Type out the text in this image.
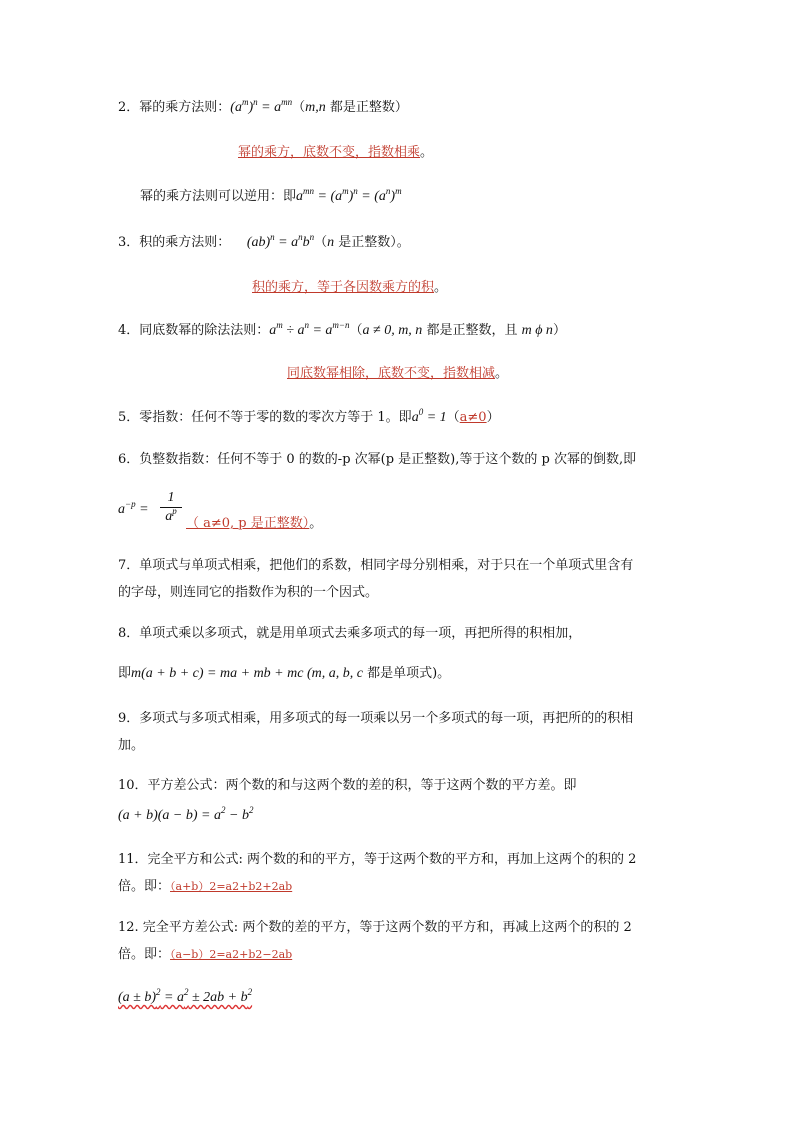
2．幂的乘方法则：$(a^m)^n = a^{mn}(m,n$ 都是正整数）
幂的乘方，底数不变，指数相乘。
幂的乘方法则可以逆用：即$a^{mn} = (a^m)^n = (a^n)^m$
3．积的乘方法则：    $(ab)^n = a^nb^n(n$ 是正整数）。
积的乘方，等于各因数乘方的积。
4．同底数幂的除法法则：$a^m \div a^n = a^{m-n}(a \ne 0$, m, n 都是正整数，且 m ϕ n）
同底数幂相除，底数不变，指数相减。
5．零指数：任何不等于零的数的零次方等于 1。即$a^0 = 1(a\ne 0)$
6．负整数指数：任何不等于 0 的数的-p 次幂(p 是正整数),等于这个数的 p 次幂的倒数,即
$a^{-p}$ =
1
$a^p$
（ a≠0, p 是正整数）。
7．单项式与单项式相乘，把他们的系数，相同字母分别相乘，对于只在一个单项式里含有
的字母，则连同它的指数作为积的一个因式。
8．单项式乘以多项式，就是用单项式去乘多项式的每一项，再把所得的积相加，
即m(a + b + c) = ma + mb + mc (m, a, b, c 都是单项式)。
9．多项式与多项式相乘，用多项式的每一项乘以另一个多项式的每一项，再把所的的积相
加。
10．平方差公式：两个数的和与这两个数的差的积，等于这两个数的平方差。即
$(a + b)(a - b) = a^2 - b^2$
11．完全平方和公式: 两个数的和的平方，等于这两个数的平方和，再加上这两个的积的 2
倍。即：（a+b）2=a2+b2+2ab
12. 完全平方差公式: 两个数的差的平方，等于这两个数的平方和，再减上这两个的积的 2
倍。即：（a−b）2=a2+b2−2ab
$(a \pm b)^2 = a^2 \pm 2ab + b^2$
